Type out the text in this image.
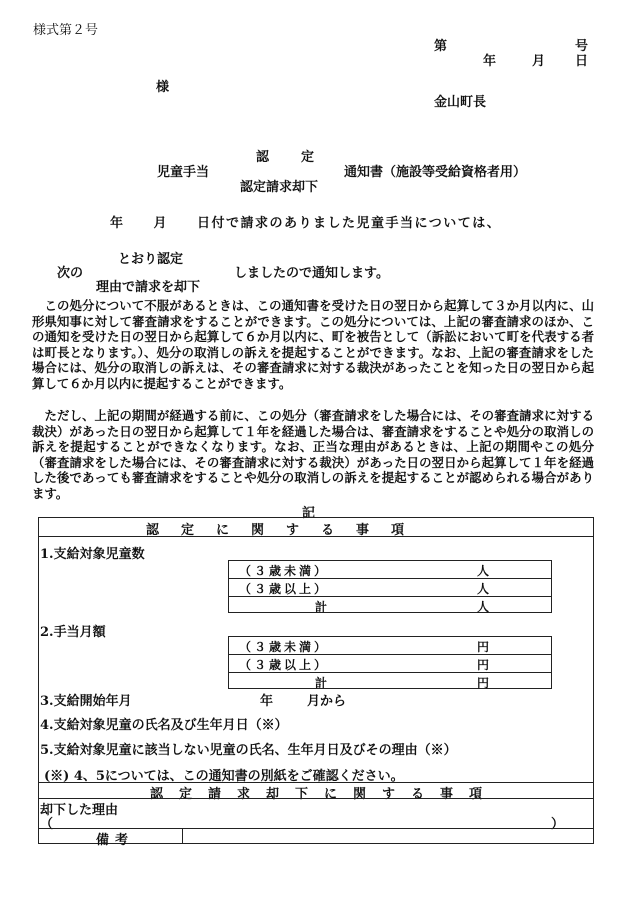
様式第２号
第	号
年	月 日
様
金山町長
認　　定
児童手当	通知書（施設等受給資格者用）
認定請求却下
年　　月　　日付で請求のありました児童手当については、
とおり認定
次の	しましたので通知します。
理由で請求を却下
　この処分について不服があるときは、この通知書を受けた日の翌日から起算して３か月以内に、山形県知事に対して審査請求をすることができます。この処分については、上記の審査請求のほか、この通知を受けた日の翌日から起算して６か月以内に、町を被告として（訴訟において町を代表する者は町長となります。）、処分の取消しの訴えを提起することができます。なお、上記の審査請求をした場合には、処分の取消しの訴えは、その審査請求に対する裁決があったことを知った日の翌日から起算して６か月以内に提起することができます。
　ただし、上記の期間が経過する前に、この処分（審査請求をした場合には、その審査請求に対する裁決）があった日の翌日から起算して１年を経過した場合は、審査請求をすることや処分の取消しの訴えを提起することができなくなります。なお、正当な理由があるときは、上記の期間やこの処分（審査請求をした場合には、その審査請求に対する裁決）があった日の翌日から起算して１年を経過した後であっても審査請求をすることや処分の取消しの訴えを提起することが認められる場合があります。
記
認定に関する事項
1.支給対象児童数
（３歳未満）	人
（３歳以上）	人
計	人
2.手当月額
（３歳未満）	円
（３歳以上）	円
計	円
3.支給開始年月	年	月から
4.支給対象児童の氏名及び生年月日（※）
5.支給対象児童に該当しない児童の氏名、生年月日及びその理由（※）
(※) 4、5については、この通知書の別紙をご確認ください。
認定請求却下に関する事項
却下した理由
（	）
備考
